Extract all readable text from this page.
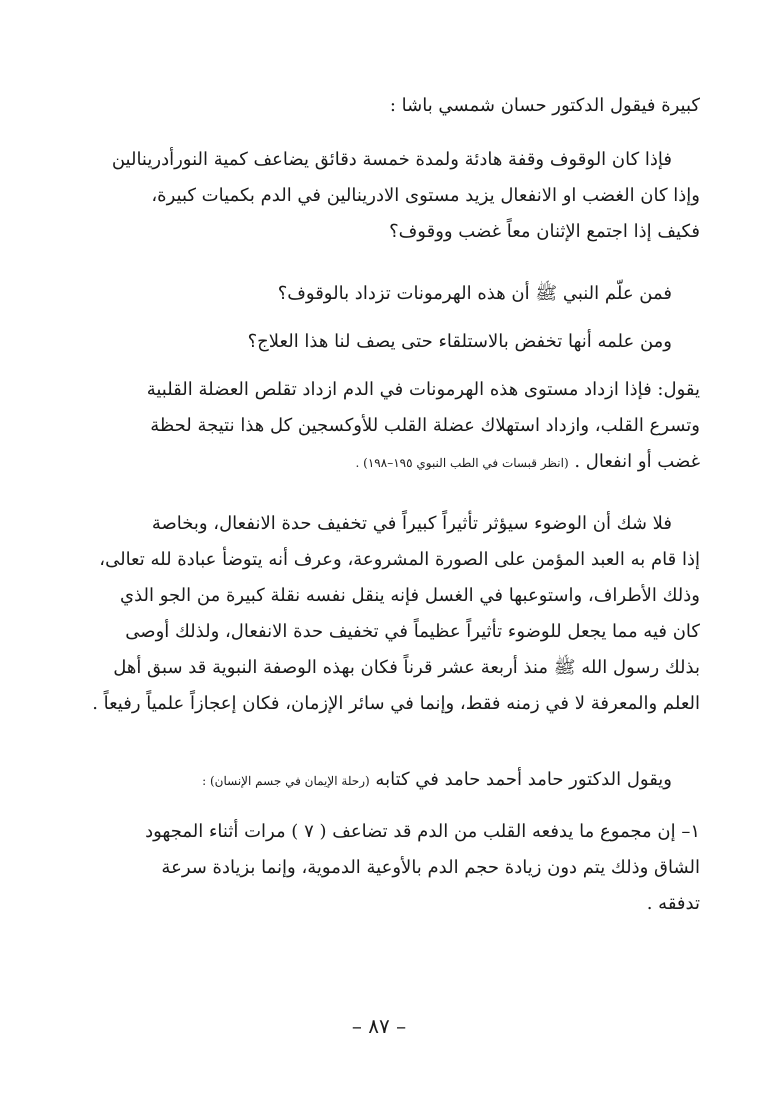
كبيرة فيقول الدكتور حسان شمسي باشا :

فإذا كان الوقوف وقفة هادئة ولمدة خمسة دقائق يضاعف كمية النورأدرينالين
وإذا كان الغضب او الانفعال يزيد مستوى الادرينالين في الدم بكميات كبيرة،
فكيف إذا اجتمع الإثنان معاً غضب ووقوف؟

فمن علّم النبي ﷺ أن هذه الهرمونات تزداد بالوقوف؟

ومن علمه أنها تخفض بالاستلقاء حتى يصف لنا هذا العلاج؟

يقول: فإذا ازداد مستوى هذه الهرمونات في الدم ازداد تقلص العضلة القلبية
وتسرع القلب، وازداد استهلاك عضلة القلب للأوكسجين كل هذا نتيجة لحظة
غضب أو انفعال . (انظر قبسات في الطب النبوي ١٩٥–١٩٨) .

فلا شك أن الوضوء سيؤثر تأثيراً كبيراً في تخفيف حدة الانفعال، وبخاصة
إذا قام به العبد المؤمن على الصورة المشروعة، وعرف أنه يتوضأ عبادة لله تعالى،
وذلك الأطراف، واستوعبها في الغسل فإنه ينقل نفسه نقلة كبيرة من الجو الذي
كان فيه مما يجعل للوضوء تأثيراً عظيماً في تخفيف حدة الانفعال، ولذلك أوصى
بذلك رسول الله ﷺ منذ أربعة عشر قرناً فكان بهذه الوصفة النبوية قد سبق أهل
العلم والمعرفة لا في زمنه فقط، وإنما في سائر الإزمان، فكان إعجازاً علمياً رفيعاً .

ويقول الدكتور حامد أحمد حامد في كتابه (رحلة الإيمان في جسم الإنسان) :

١– إن مجموع ما يدفعه القلب من الدم قد تضاعف ( ٧ ) مرات أثناء المجهود
الشاق وذلك يتم دون زيادة حجم الدم بالأوعية الدموية، وإنما بزيادة سرعة
تدفقه .

– ٨٧ –
